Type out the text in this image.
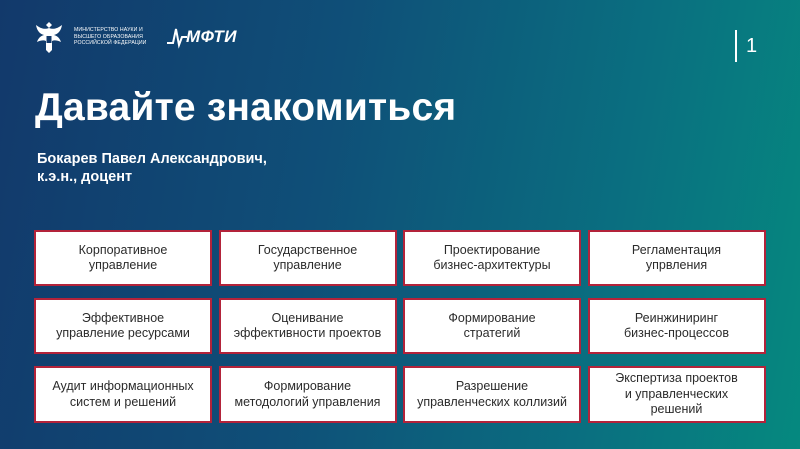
МИНИСТЕРСТВО НАУКИ И ВЫСШЕГО ОБРАЗОВАНИЯ РОССИЙСКОЙ ФЕДЕРАЦИИ	МФТИ	1
Давайте знакомиться
Бокарев Павел Александрович,
к.э.н., доцент
Корпоративное
управление
Государственное
управление
Проектирование
бизнес-архитектуры
Регламентация
упрвления
Эффективное
управление ресурсами
Оценивание
эффективности проектов
Формирование
стратегий
Реинжиниринг
бизнес-процессов
Аудит информационных
систем и решений
Формирование
методологий управления
Разрешение
управленческих коллизий
Экспертиза проектов
и управленческих
решений
